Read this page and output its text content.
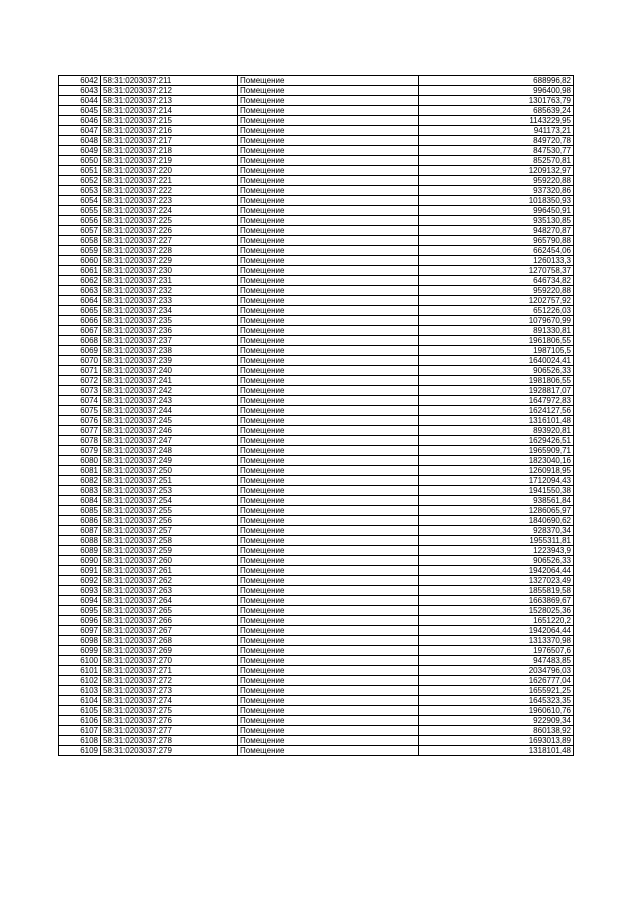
6042	58:31:0203037:211	Помещение	688996,82
6043	58:31:0203037:212	Помещение	996400,98
6044	58:31:0203037:213	Помещение	1301763,79
6045	58:31:0203037:214	Помещение	685639,24
6046	58:31:0203037:215	Помещение	1143229,95
6047	58:31:0203037:216	Помещение	941173,21
6048	58:31:0203037:217	Помещение	849720,78
6049	58:31:0203037:218	Помещение	847530,77
6050	58:31:0203037:219	Помещение	852570,81
6051	58:31:0203037:220	Помещение	1209132,97
6052	58:31:0203037:221	Помещение	959220,88
6053	58:31:0203037:222	Помещение	937320,86
6054	58:31:0203037:223	Помещение	1018350,93
6055	58:31:0203037:224	Помещение	996450,91
6056	58:31:0203037:225	Помещение	935130,85
6057	58:31:0203037:226	Помещение	948270,87
6058	58:31:0203037:227	Помещение	965790,88
6059	58:31:0203037:228	Помещение	662454,06
6060	58:31:0203037:229	Помещение	1260133,3
6061	58:31:0203037:230	Помещение	1270758,37
6062	58:31:0203037:231	Помещение	646734,82
6063	58:31:0203037:232	Помещение	959220,88
6064	58:31:0203037:233	Помещение	1202757,92
6065	58:31:0203037:234	Помещение	651226,03
6066	58:31:0203037:235	Помещение	1079670,99
6067	58:31:0203037:236	Помещение	891330,81
6068	58:31:0203037:237	Помещение	1961806,55
6069	58:31:0203037:238	Помещение	1987105,5
6070	58:31:0203037:239	Помещение	1640024,41
6071	58:31:0203037:240	Помещение	906526,33
6072	58:31:0203037:241	Помещение	1981806,55
6073	58:31:0203037:242	Помещение	1928817,07
6074	58:31:0203037:243	Помещение	1647972,83
6075	58:31:0203037:244	Помещение	1624127,56
6076	58:31:0203037:245	Помещение	1316101,48
6077	58:31:0203037:246	Помещение	893920,81
6078	58:31:0203037:247	Помещение	1629426,51
6079	58:31:0203037:248	Помещение	1965909,71
6080	58:31:0203037:249	Помещение	1823040,16
6081	58:31:0203037:250	Помещение	1260918,95
6082	58:31:0203037:251	Помещение	1712094,43
6083	58:31:0203037:253	Помещение	1941550,38
6084	58:31:0203037:254	Помещение	938561,84
6085	58:31:0203037:255	Помещение	1286065,97
6086	58:31:0203037:256	Помещение	1840690,62
6087	58:31:0203037:257	Помещение	928370,34
6088	58:31:0203037:258	Помещение	1955311,81
6089	58:31:0203037:259	Помещение	1223943,9
6090	58:31:0203037:260	Помещение	906526,33
6091	58:31:0203037:261	Помещение	1942064,44
6092	58:31:0203037:262	Помещение	1327023,49
6093	58:31:0203037:263	Помещение	1855819,58
6094	58:31:0203037:264	Помещение	1663869,67
6095	58:31:0203037:265	Помещение	1528025,36
6096	58:31:0203037:266	Помещение	1651220,2
6097	58:31:0203037:267	Помещение	1942064,44
6098	58:31:0203037:268	Помещение	1313370,98
6099	58:31:0203037:269	Помещение	1976507,6
6100	58:31:0203037:270	Помещение	947483,85
6101	58:31:0203037:271	Помещение	2034796,03
6102	58:31:0203037:272	Помещение	1626777,04
6103	58:31:0203037:273	Помещение	1655921,25
6104	58:31:0203037:274	Помещение	1645323,35
6105	58:31:0203037:275	Помещение	1960610,76
6106	58:31:0203037:276	Помещение	922909,34
6107	58:31:0203037:277	Помещение	860138,92
6108	58:31:0203037:278	Помещение	1693013,89
6109	58:31:0203037:279	Помещение	1318101,48
